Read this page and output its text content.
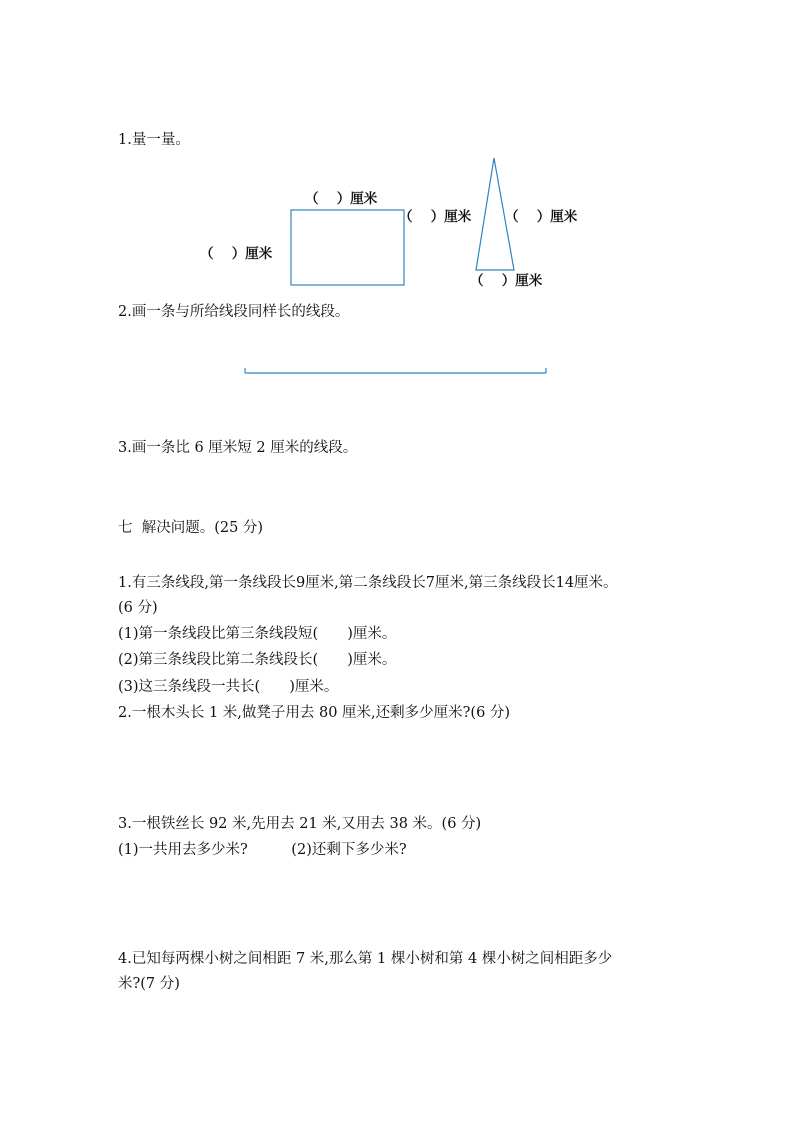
1.量一量。

（　 ）厘米
（　 ）厘米
（　 ）厘米	（　 ）厘米
（　 ）厘米

2.画一条与所给线段同样长的线段。

3.画一条比 6 厘米短 2 厘米的线段。

七  解决问题。(25 分)

1.有三条线段,第一条线段长9厘米,第二条线段长7厘米,第三条线段长14厘米。

(6 分)

(1)第一条线段比第三条线段短(　　)厘米。

(2)第三条线段比第二条线段长(　　)厘米。

(3)这三条线段一共长(　　)厘米。

2.一根木头长 1 米,做凳子用去 80 厘米,还剩多少厘米?(6 分)

3.一根铁丝长 92 米,先用去 21 米,又用去 38 米。(6 分)

(1)一共用去多少米?　　　(2)还剩下多少米?

4.已知每两棵小树之间相距 7 米,那么第 1 棵小树和第 4 棵小树之间相距多少

米?(7 分)
